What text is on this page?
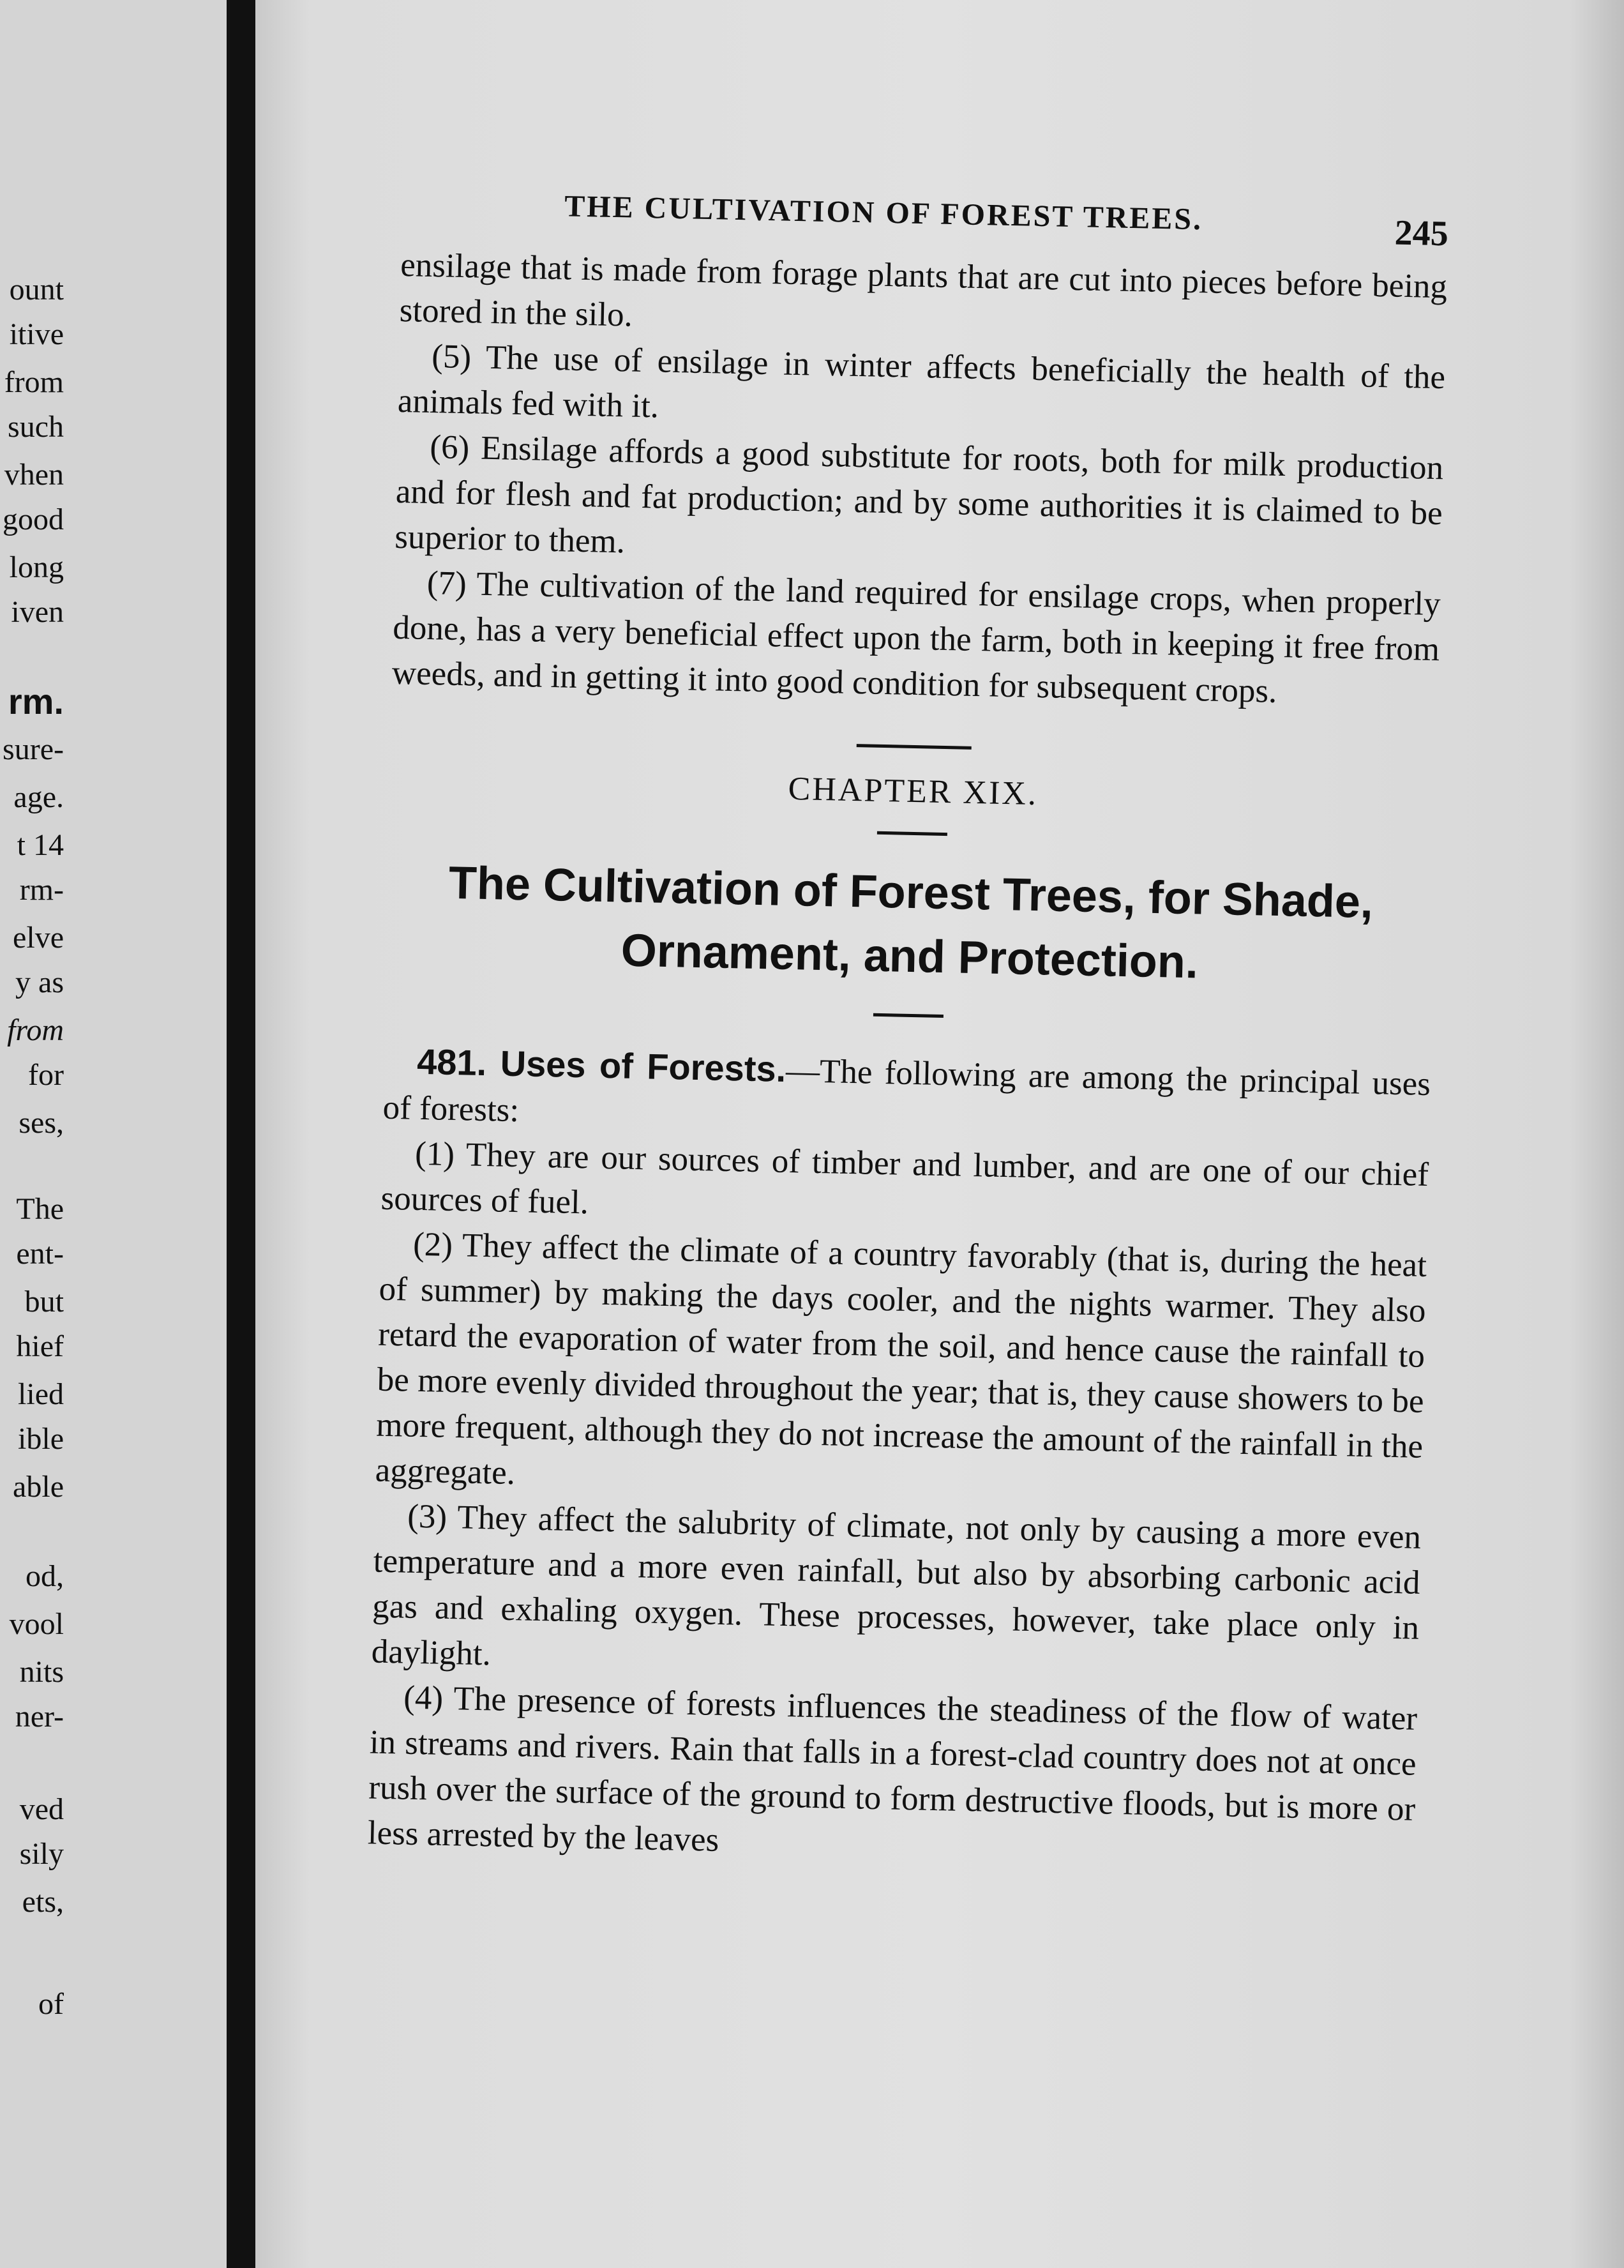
ount
itive
from
such
vhen
good
long
iven
rm.
sure-
age.
t 14
rm-
elve
y as
from
for
ses,
The
ent-
but
hief
lied
ible
able
od,
vool
nits
ner-
ved
sily
ets,
of
THE CULTIVATION OF FOREST TREES.	245

ensilage that is made from forage plants that are cut into pieces before being stored in the silo.

(5) The use of ensilage in winter affects beneficially the health of the animals fed with it.

(6) Ensilage affords a good substitute for roots, both for milk production and for flesh and fat production; and by some authorities it is claimed to be superior to them.

(7) The cultivation of the land required for ensilage crops, when properly done, has a very beneficial effect upon the farm, both in keeping it free from weeds, and in getting it into good condition for subsequent crops.

CHAPTER XIX.
The Cultivation of Forest Trees, for Shade, Ornament, and Protection.

481. Uses of Forests.—The following are among the principal uses of forests:

(1) They are our sources of timber and lumber, and are one of our chief sources of fuel.

(2) They affect the climate of a country favorably (that is, during the heat of summer) by making the days cooler, and the nights warmer. They also retard the evaporation of water from the soil, and hence cause the rainfall to be more evenly divided throughout the year; that is, they cause showers to be more frequent, although they do not increase the amount of the rainfall in the aggregate.

(3) They affect the salubrity of climate, not only by causing a more even temperature and a more even rainfall, but also by absorbing carbonic acid gas and exhaling oxygen. These processes, however, take place only in daylight.

(4) The presence of forests influences the steadiness of the flow of water in streams and rivers. Rain that falls in a forest-clad country does not at once rush over the surface of the ground to form destructive floods, but is more or less arrested by the leaves
